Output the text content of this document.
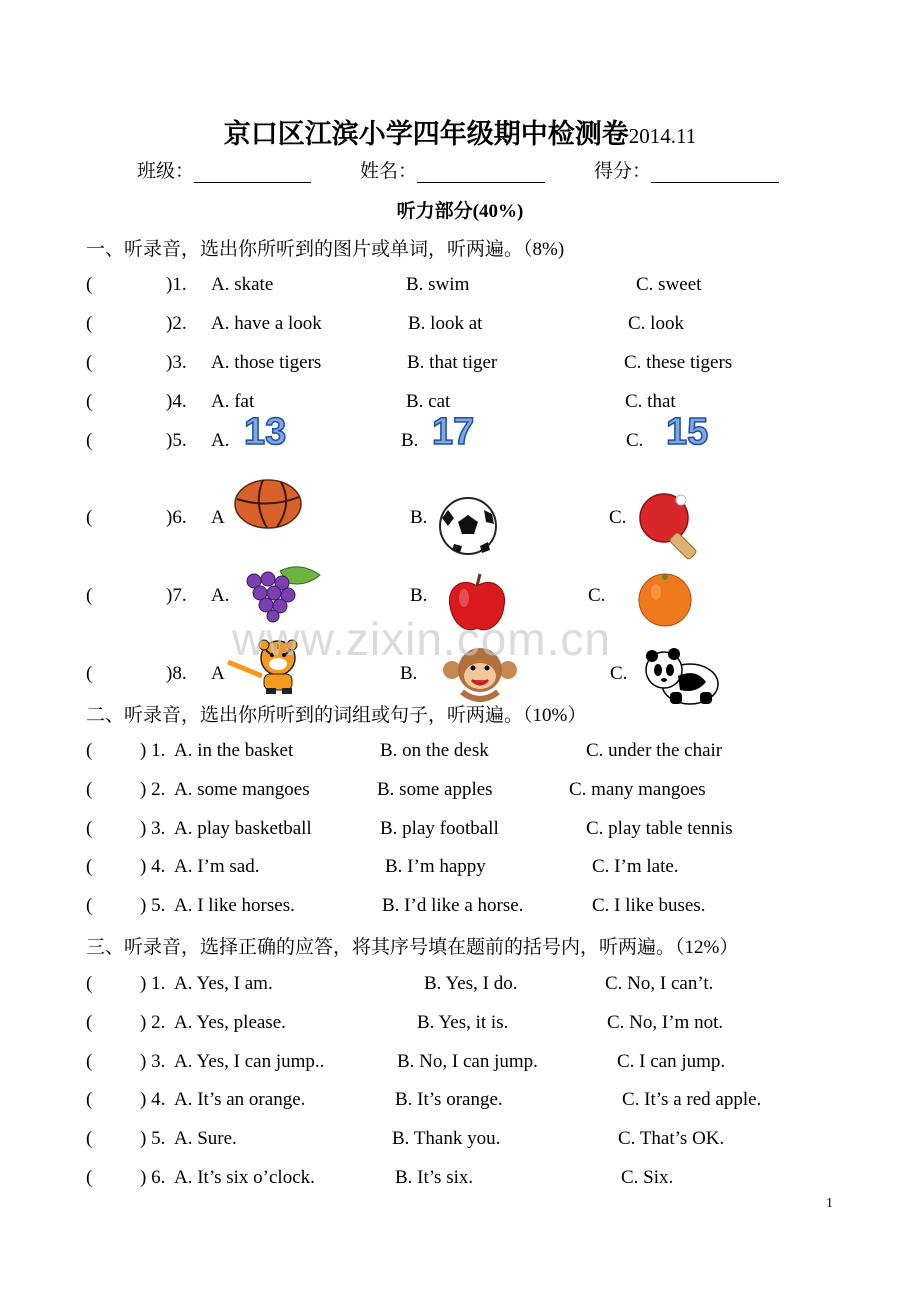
京口区江滨小学四年级期中检测卷2014.11
班级：	姓名：	得分：
听力部分(40%)
一、听录音，选出你所听到的图片或单词，听两遍。（8%)
(	)1. A. skate	B. swim	C. sweet
(	)2. A. have a look	B. look at	C. look
(	)3. A. those tigers	B. that tiger	C. these tigers
(	)4. A. fat	B. cat	C. that
(	)5. A.	B.	C.
13	17	15
(	)6. A	B.	C.
(	)7. A.	B.	C.
(	)8. A	B.	C.
二、听录音，选出你所听到的词组或句子，听两遍。（10%）
(	) 1. A. in the basket	B. on the desk	C. under the chair
(	) 2. A. some mangoes	B. some apples	C. many mangoes
(	) 3. A. play basketball	B. play football	C. play table tennis
(	) 4. A. I’m sad.	B. I’m happy	C. I’m late.
(	) 5. A. I like horses.	B. I’d like a horse.	C. I like buses.
三、听录音，选择正确的应答，将其序号填在题前的括号内，听两遍。（12%）
(	) 1. A. Yes, I am.	B. Yes, I do.	C. No, I can’t.
(	) 2. A. Yes, please.	B. Yes, it is.	C. No, I’m not.
(	) 3. A. Yes, I can jump..	B. No, I can jump.	C. I can jump.
(	) 4. A. It’s an orange.	B. It’s orange.	C. It’s a red apple.
(	) 5. A. Sure.	B. Thank you.	C. That’s OK.
(	) 6. A. It’s six o’clock.	B. It’s six.	C. Six.
www.zixin.com.cn
1
